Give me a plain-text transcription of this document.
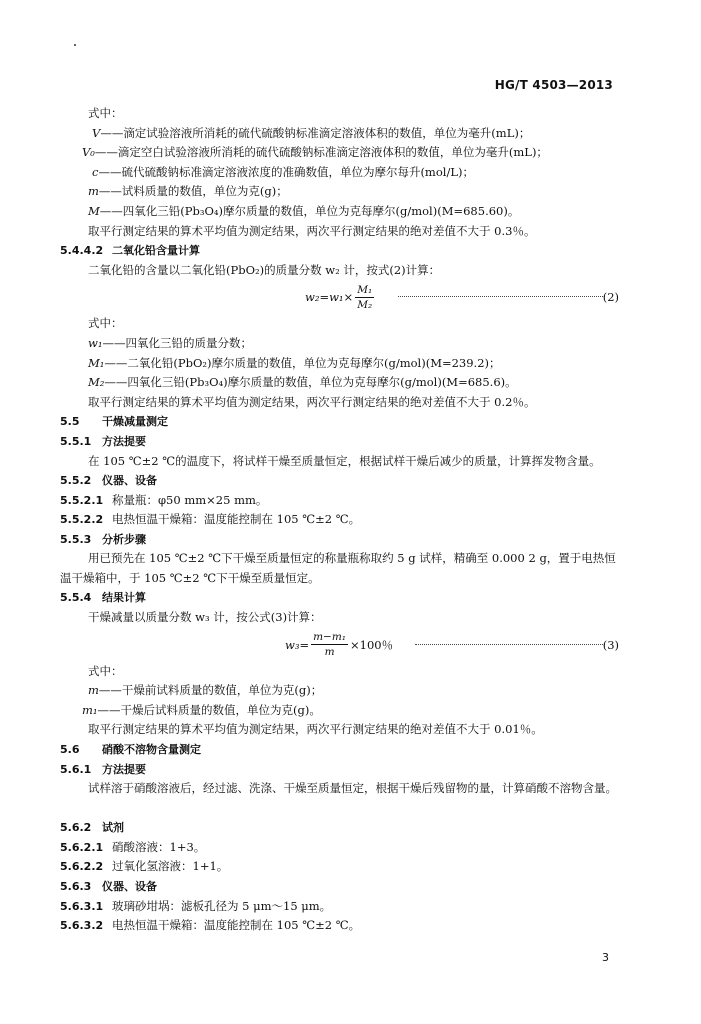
HG/T 4503—2013
式中：
V——滴定试验溶液所消耗的硫代硫酸钠标准滴定溶液体积的数值，单位为毫升(mL)；
V₀——滴定空白试验溶液所消耗的硫代硫酸钠标准滴定溶液体积的数值，单位为毫升(mL)；
c——硫代硫酸钠标准滴定溶液浓度的准确数值，单位为摩尔每升(mol/L)；
m——试料质量的数值，单位为克(g)；
M——四氧化三铅(Pb₃O₄)摩尔质量的数值，单位为克每摩尔(g/mol)(M=685.60)。
取平行测定结果的算术平均值为测定结果，两次平行测定结果的绝对差值不大于 0.3％。
5.4.4.2 二氧化铅含量计算
二氧化铅的含量以二氧化铅(PbO₂)的质量分数 w₂ 计，按式(2)计算：
$w_2=w_1\times \frac{\text{M₁}}{\text{M₂}}$	(2)
式中：
w₁——四氧化三铅的质量分数；
M₁——二氧化铅(PbO₂)摩尔质量的数值，单位为克每摩尔(g/mol)(M=239.2)；
M₂——四氧化三铅(Pb₃O₄)摩尔质量的数值，单位为克每摩尔(g/mol)(M=685.6)。
取平行测定结果的算术平均值为测定结果，两次平行测定结果的绝对差值不大于 0.2％。
5.5 干燥减量测定
5.5.1 方法提要
在 105 ℃±2 ℃的温度下，将试样干燥至质量恒定，根据试样干燥后减少的质量，计算挥发物含量。
5.5.2 仪器、设备
5.5.2.1 称量瓶：φ50 mm×25 mm。
5.5.2.2 电热恒温干燥箱：温度能控制在 105 ℃±2 ℃。
5.5.3 分析步骤
用已预先在 105 ℃±2 ℃下干燥至质量恒定的称量瓶称取约 5 g 试样，精确至 0.000 2 g，置于电热恒温干燥箱中，于 105 ℃±2 ℃下干燥至质量恒定。
5.5.4 结果计算
干燥减量以质量分数 w₃ 计，按公式(3)计算：
$w_3= \frac{\text{m−m₁}}{m} \times 100$％	(3)
式中：
m——干燥前试料质量的数值，单位为克(g)；
m₁——干燥后试料质量的数值，单位为克(g)。
取平行测定结果的算术平均值为测定结果，两次平行测定结果的绝对差值不大于 0.01％。
5.6 硝酸不溶物含量测定
5.6.1 方法提要
试样溶于硝酸溶液后，经过滤、洗涤、干燥至质量恒定，根据干燥后残留物的量，计算硝酸不溶物含量。
5.6.2 试剂
5.6.2.1 硝酸溶液：1+3。
5.6.2.2 过氧化氢溶液：1+1。
5.6.3 仪器、设备
5.6.3.1 玻璃砂坩埚：滤板孔径为 5 μm～15 μm。
5.6.3.2 电热恒温干燥箱：温度能控制在 105 ℃±2 ℃。
3
